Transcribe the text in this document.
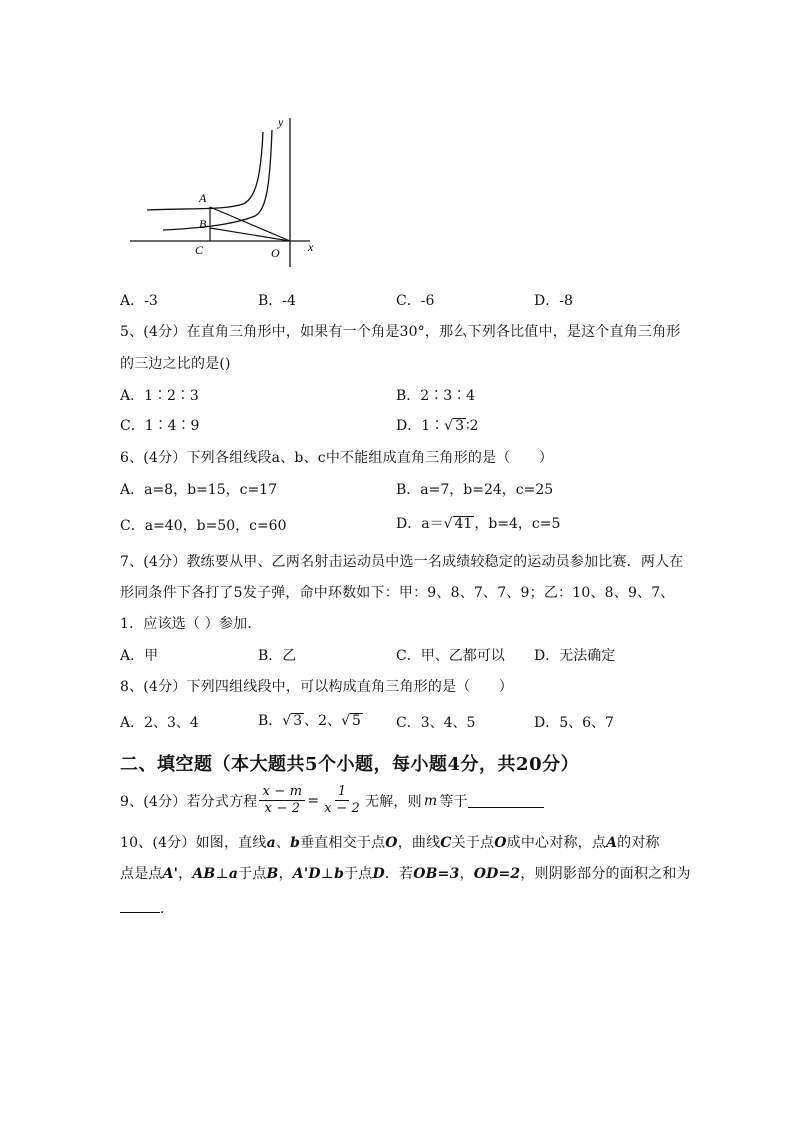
y
x
A
B
C	O
A．-3	B．-4	C．-6	D．-8
5、(4分）在直角三角形中，如果有一个角是30°，那么下列各比值中，是这个直角三角形
的三边之比的是()
A．1∶2∶3	B．2∶3∶4
C．1∶4∶9	D．1∶√ 3 ∶2
6、(4分）下列各组线段a、b、c中不能组成直角三角形的是（　　）
A．a=8，b=15，c=17	B．a=7，b=24，c=25
C．a=40，b=50，c=60	D．a＝√ 41 ，b=4，c=5
7、(4分）教练要从甲、乙两名射击运动员中选一名成绩较稳定的运动员参加比赛．两人在
形同条件下各打了5发子弹，命中环数如下：甲：9、8、7、7、9；乙：10、8、9、7、
1．应该选（ ）参加．
A．甲	B．乙	C．甲、乙都可以 D．无法确定
8、(4分）下列四组线段中，可以构成直角三角形的是（　　）
A．2、3、4	B．√ 3 、2、√ 5	C．3、4、5	D．5、6、7
二、填空题（本大题共5个小题，每小题4分，共20分）
9、(4分）若分式方程 $\frac{x - m}{x - 2} = \frac{1}{x - 2}$ 无解，则 m 等于
10、(4分）如图，直线a、b垂直相交于点O，曲线C关于点O成中心对称，点A的对称
点是点A'，AB⊥a于点B，A'D⊥b于点D．若OB=3，OD=2，则阴影部分的面积之和为
．
